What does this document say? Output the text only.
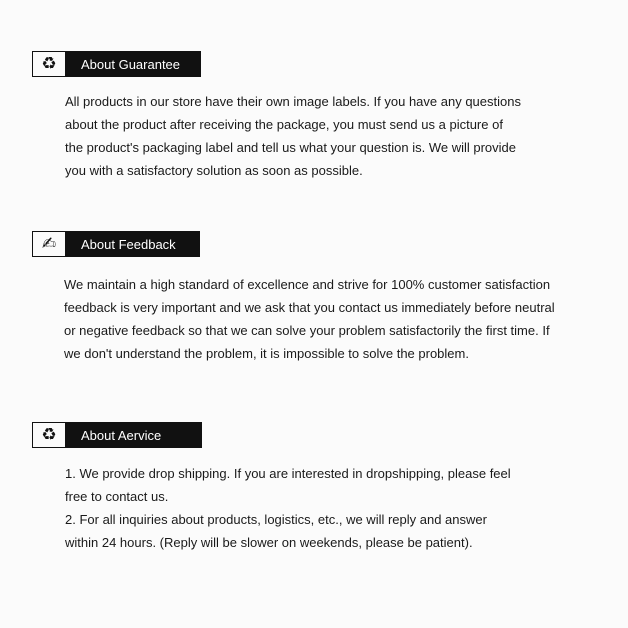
♻	About Guarantee

All products in our store have their own image labels. If you have any questions

about the product after receiving the package, you must send us a picture of

the product's packaging label and tell us what your question is. We will provide

you with a satisfactory solution as soon as possible.

✍	About Feedback

We maintain a high standard of excellence and strive for 100% customer satisfaction

feedback is very important and we ask that you contact us immediately before neutral

or negative feedback so that we can solve your problem satisfactorily the first time. If

we don't understand the problem, it is impossible to solve the problem.

♻	About Aervice

1. We provide drop shipping. If you are interested in dropshipping, please feel

free to contact us.

2. For all inquiries about products, logistics, etc., we will reply and answer

within 24 hours. (Reply will be slower on weekends, please be patient).
